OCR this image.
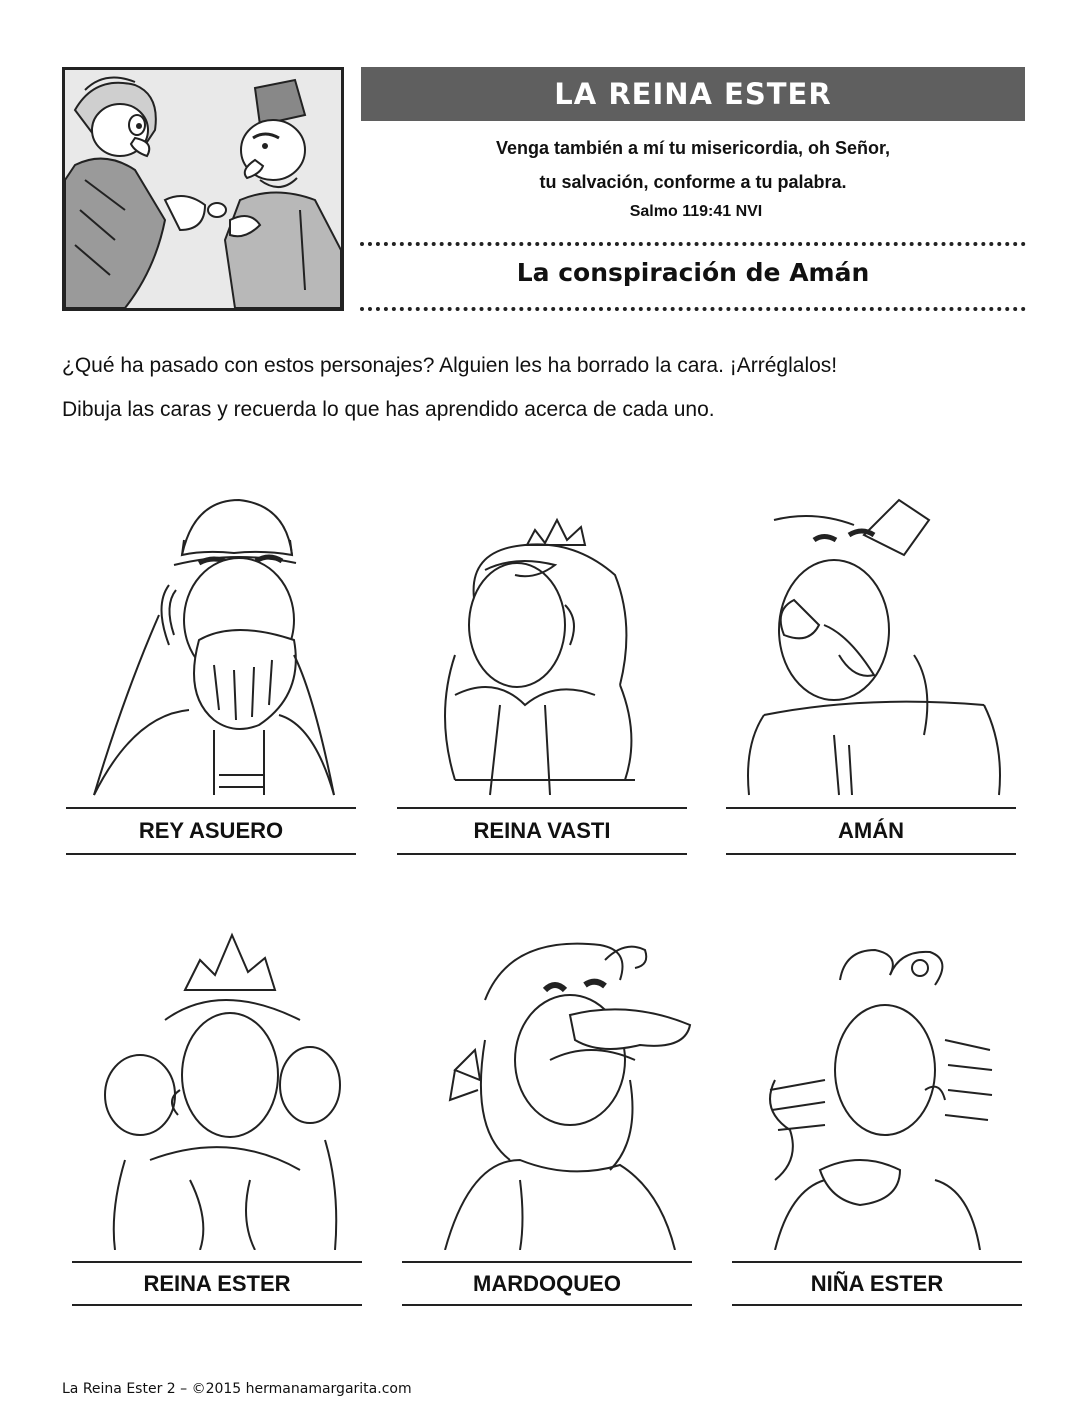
LA REINA ESTER
Venga también a mí tu misericordia, oh Señor,
tu salvación, conforme a tu palabra.
Salmo 119:41 NVI
La conspiración de Amán
¿Qué ha pasado con estos personajes? Alguien les ha borrado la cara. ¡Arréglalos!
Dibuja las caras y recuerda lo que has aprendido acerca de cada uno.
REY ASUERO	REINA VASTI	AMÁN
REINA ESTER	MARDOQUEO	NIÑA ESTER
La Reina Ester 2 – ©2015 hermanamargarita.com
